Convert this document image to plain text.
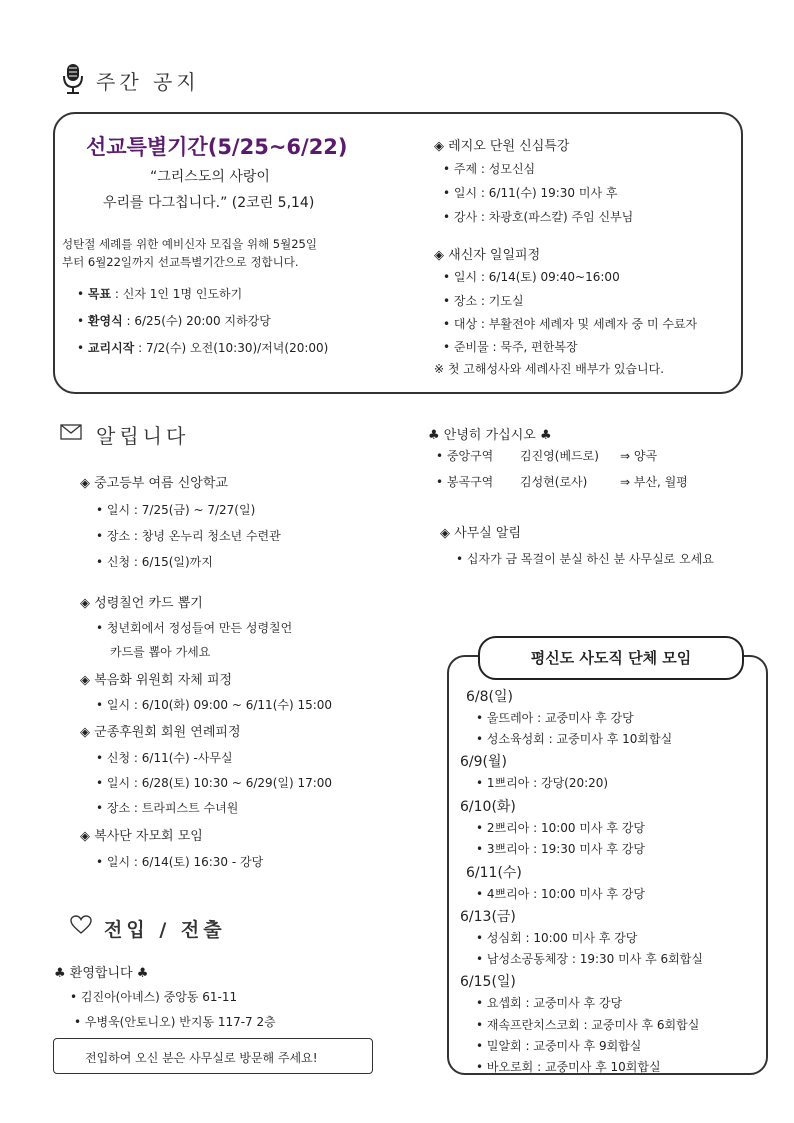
주간 공지
선교특별기간(5/25~6/22)
“그리스도의 사랑이
우리를 다그칩니다.” (2코린 5,14)
성탄절 세례를 위한 예비신자 모집을 위해 5월25일
부터 6월22일까지 선교특별기간으로 정합니다.
• 목표 : 신자 1인 1명 인도하기
• 환영식 : 6/25(수) 20:00 지하강당
• 교리시작 : 7/2(수) 오전(10:30)/저녁(20:00)
◈ 레지오 단원 신심특강
• 주제 : 성모신심
• 일시 : 6/11(수) 19:30 미사 후
• 강사 : 차광호(파스칼) 주임 신부님
◈ 새신자 일일피정
• 일시 : 6/14(토) 09:40~16:00
• 장소 : 기도실
• 대상 : 부활전야 세례자 및 세례자 중 미 수료자
• 준비물 : 묵주, 편한복장
※ 첫 고해성사와 세례사진 배부가 있습니다.
알립니다
◈ 중고등부 여름 신앙학교
• 일시 : 7/25(금) ~ 7/27(일)
• 장소 : 창녕 온누리 청소년 수련관
• 신청 : 6/15(일)까지
◈ 성령칠언 카드 뽑기
• 청년회에서 정성들여 만든 성령칠언
카드를 뽑아 가세요
◈ 복음화 위원회 자체 피정
• 일시 : 6/10(화) 09:00 ~ 6/11(수) 15:00
◈ 군종후원회 회원 연례피정
• 신청 : 6/11(수) -사무실
• 일시 : 6/28(토) 10:30 ~ 6/29(일) 17:00
• 장소 : 트라피스트 수녀원
◈ 복사단 자모회 모임
• 일시 : 6/14(토) 16:30 - 강당
♣ 안녕히 가십시오 ♣
• 중앙구역 김진영(베드로) ⇒ 양곡
• 봉곡구역 김성현(로사)	⇒ 부산, 월평
◈ 사무실 알림
• 십자가 금 목걸이 분실 하신 분 사무실로 오세요
전입 / 전출
♣ 환영합니다 ♣
• 김진아(아녜스) 중앙동 61-11
• 우병욱(안토니오) 반지동 117-7 2층
전입하여 오신 분은 사무실로 방문해 주세요!
평신도 사도직 단체 모임
6/8(일)
• 울뜨레아 : 교중미사 후 강당
• 성소육성회 : 교중미사 후 10회합실
6/9(월)
• 1쁘리아 : 강당(20:20)
6/10(화)
• 2쁘리아 : 10:00 미사 후 강당
• 3쁘리아 : 19:30 미사 후 강당
6/11(수)
• 4쁘리아 : 10:00 미사 후 강당
6/13(금)
• 성심회 : 10:00 미사 후 강당
• 남성소공동체장 : 19:30 미사 후 6회합실
6/15(일)
• 요셉회 : 교중미사 후 강당
• 재속프란치스코회 : 교중미사 후 6회합실
• 밀알회 : 교중미사 후 9회합실
• 바오로회 : 교중미사 후 10회합실
